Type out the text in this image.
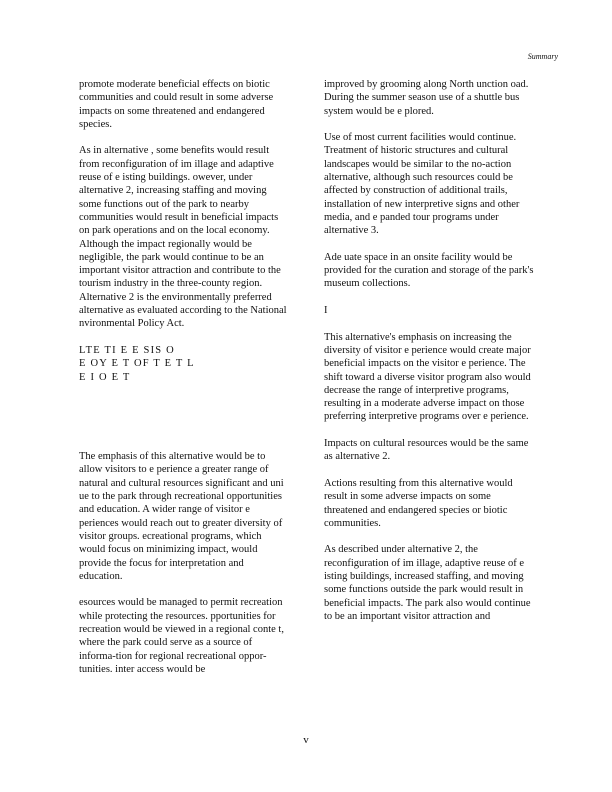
Summary

promote moderate beneficial effects on biotic communities and could result in some adverse impacts on some threatened and endangered species.

As in alternative , some benefits would result from reconfiguration of im illage and adaptive reuse of e isting buildings. owever, under alternative 2, increasing staffing and moving some functions out of the park to nearby communities would result in beneficial impacts on park operations and on the local economy. Although the impact regionally would be negligible, the park would continue to be an important visitor attraction and contribute to the tourism industry in the three-county region. Alternative 2 is the environmentally preferred alternative as evaluated according to the National nvironmental Policy Act.

LTE TI E E SIS O
E OY E T OF T E T L
E I O E T

The emphasis of this alternative would be to allow visitors to e perience a greater range of natural and cultural resources significant and uni ue to the park through recreational opportunities and education. A wider range of visitor e periences would reach out to greater diversity of visitor groups. ecreational programs, which would focus on minimizing impact, would provide the focus for interpretation and education.

esources would be managed to permit recreation while protecting the resources. pportunities for recreation would be viewed in a regional conte t, where the park could serve as a source of informa-tion for regional recreational oppor-tunities. inter access would be

improved by grooming along North unction oad. During the summer season use of a shuttle bus system would be e plored.

Use of most current facilities would continue. Treatment of historic structures and cultural landscapes would be similar to the no-action alternative, although such resources could be affected by construction of additional trails, installation of new interpretive signs and other media, and e panded tour programs under alternative 3.

Ade uate space in an onsite facility would be provided for the curation and storage of the park's museum collections.

I

This alternative's emphasis on increasing the diversity of visitor e perience would create major beneficial impacts on the visitor e perience. The shift toward a diverse visitor program also would decrease the range of interpretive programs, resulting in a moderate adverse impact on those preferring interpretive programs over e perience.

Impacts on cultural resources would be the same as alternative 2.

Actions resulting from this alternative would result in some adverse impacts on some threatened and endangered species or biotic communities.

As described under alternative 2, the reconfiguration of im illage, adaptive reuse of e isting buildings, increased staffing, and moving some functions outside the park would result in beneficial impacts. The park also would continue to be an important visitor attraction and

v
